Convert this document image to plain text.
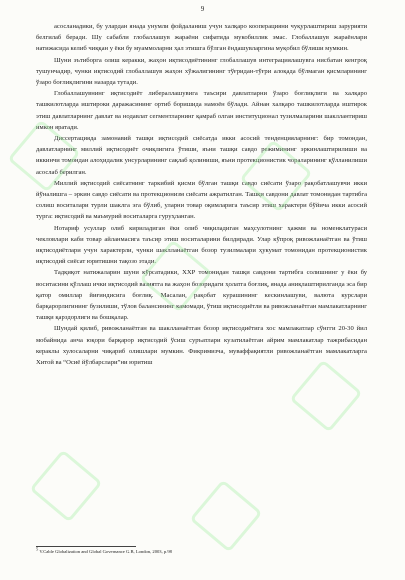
9

асосланадики, бу улардан янада унумли фойдаланиш учун халқаро кооперацияни чуқурлаштириш зарурияти белгилаб беради. Шу сабабли глобаллашув жараёни сифатида мукобиллик эмас. Глобаллашув жараёнлари натижасида келиб чиққан у ёки бу муаммоларни ҳал этишга бўлган ёндашувларгина муқобил бўлиши мумкин.

Шуни эътиборга олиш керакки, жаҳон иқтисодиётининг глобаллашув интеграциялашувга нисбатан кенгроқ тушунчадир, чунки иқтисодий глобаллашув жаҳон хўжалигининг тўғридан-тўғри алоқада бўлмаган қисмларининг ўзаро боғлиқлигини назарда тутади.

Глобаллашувнинг иқтисодиёт либераллашувига таъсири давлатларни ўзаро боғлиқлиги ва халқаро ташкилотларда иштироки даражасининг ортиб боришида намоён бўлади. Айнан халқаро ташкилотларда иштирок этиш давлатларнинг давлат ва нодавлат сегментларнинг қамраб олган институционал тузилмаларини шакллантириш имкон яратади.

Диссертацияда замонавий ташқи иқтисодий сиёсатда икки асосий тенденцияларнинг: бир томондан, давлатларнинг миллий иқтисодиёт очиқлигига ўтиши, яъни ташқи савдо режимининг эркинлаштирилиши ва иккинчи томондан алоҳидалик унсурларининг сақлаб қолиниши, яъни протекционистик чораларининг қўлланилиши асослаб берилган.

Миллий иқтисодий сиёсатнинг таркибий қисми бўлган ташқи савдо сиёсати ўзаро рақобатлашувчи икки йўналишга – эркин савдо сиёсати ва протекционизм сиёсати ажратилган. Ташқи савдони давлат томонидан тартибга солиш воситалари турли шаклга эга бўлиб, уларни товар оқимларига таъсир этиш характери бўйича икки асосий турга: иқтисодий ва маъмурий воситаларга гуруҳланган.

Нотариф усуллар олиб кириладиган ёки олиб чиқиладиган маҳсулотнинг ҳажми ва номенклатураси чекловлари каби товар айланмасига таъсир этиш воситаларини билдиради. Улар кўпроқ ривожланаётган ва ўтиш иқтисодиётлари учун характерли, чунки шаклланаётган бозор тузилмалари ҳукумат томонидан протекционистик иқтисодий сиёсат юритишни тақозо этади.

Тадқиқот натижаларин шуни кўрсатадики, ХХР томонидан ташқи савдони тартибга солишнинг у ёки бу воситасини қўллаш ички иқтисодий вазиятга ва жаҳон бозоридаги ҳолатга боғлиқ, янада аниқлаштирилганда эса бир қатор омиллар йиғиндисига боғлиқ. Масалан, рақобат курашининг кескинлашуви, валюта курслари барқарорлигининг бузилиши, тўлов балансининг камомади, ўтиш иқтисодиётли ва ривожланаётган мамлакатларнинг ташқи қарздорлиги ва бошқалар.

Шундай қилиб, ривожланаётган ва шаклланаётган бозор иқтисодиётига хос мамлакатлар сўнгги 20-30 йил мобайнида анча юқори барқарор иқтисодий ўсиш суръатлари кузатилаётган айрим мамлакатлар тажрибасидан кераклы хулосаларни чиқариб олишлари мумкин. Фикримизча, муваффақиятли ривожланаётган мамлакатларга Хитой ва “Осиё йўлбарслари”ни юритиш

$^5$ V.Cable Globalization and Global Governance G.B, London, 2003, p.98
